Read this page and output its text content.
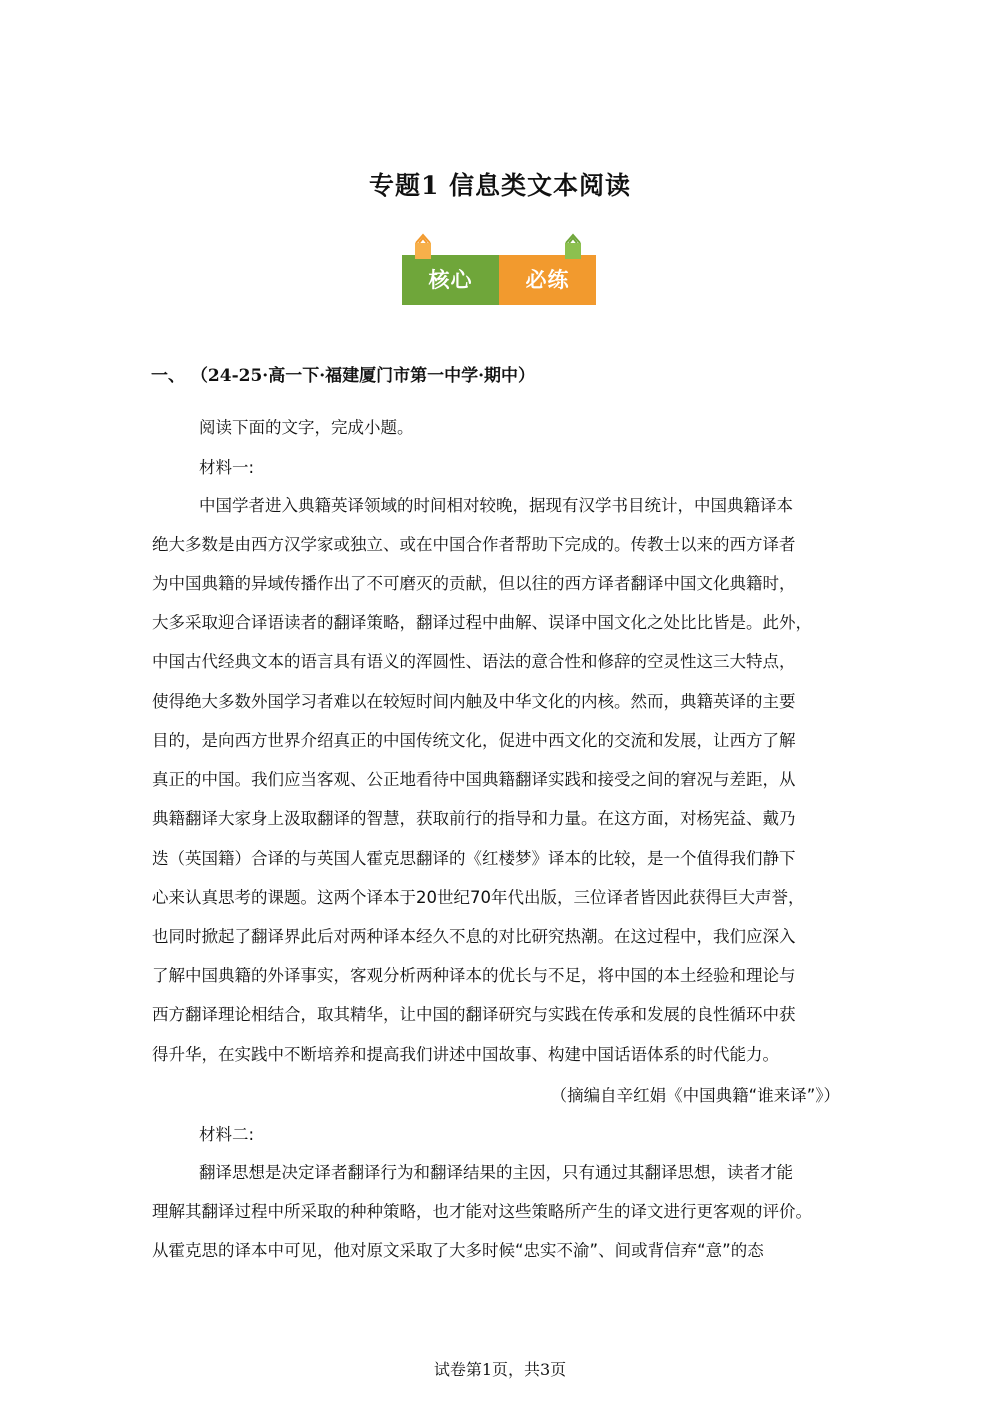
专题1 信息类文本阅读
核心	必练
一、 （24-25·高一下·福建厦门市第一中学·期中）
阅读下面的文字，完成小题。
材料一:
中国学者进入典籍英译领域的时间相对较晚，据现有汉学书目统计，中国典籍译本
绝大多数是由西方汉学家或独立、或在中国合作者帮助下完成的。传教士以来的西方译者
为中国典籍的异域传播作出了不可磨灭的贡献，但以往的西方译者翻译中国文化典籍时，
大多采取迎合译语读者的翻译策略，翻译过程中曲解、误译中国文化之处比比皆是。此外，
中国古代经典文本的语言具有语义的浑圆性、语法的意合性和修辞的空灵性这三大特点，
使得绝大多数外国学习者难以在较短时间内触及中华文化的内核。然而，典籍英译的主要
目的，是向西方世界介绍真正的中国传统文化，促进中西文化的交流和发展，让西方了解
真正的中国。我们应当客观、公正地看待中国典籍翻译实践和接受之间的窘况与差距，从
典籍翻译大家身上汲取翻译的智慧，获取前行的指导和力量。在这方面，对杨宪益、戴乃
迭（英国籍）合译的与英国人霍克思翻译的《红楼梦》译本的比较，是一个值得我们静下
心来认真思考的课题。这两个译本于20世纪70年代出版，三位译者皆因此获得巨大声誉，
也同时掀起了翻译界此后对两种译本经久不息的对比研究热潮。在这过程中，我们应深入
了解中国典籍的外译事实，客观分析两种译本的优长与不足，将中国的本土经验和理论与
西方翻译理论相结合，取其精华，让中国的翻译研究与实践在传承和发展的良性循环中获
得升华，在实践中不断培养和提高我们讲述中国故事、构建中国话语体系的时代能力。
（摘编自辛红娟《中国典籍“谁来译”》）
材料二:
翻译思想是决定译者翻译行为和翻译结果的主因，只有通过其翻译思想，读者才能
理解其翻译过程中所采取的种种策略，也才能对这些策略所产生的译文进行更客观的评价。
从霍克思的译本中可见，他对原文采取了大多时候“忠实不渝”、间或背信弃“意”的态
试卷第1页，共3页
